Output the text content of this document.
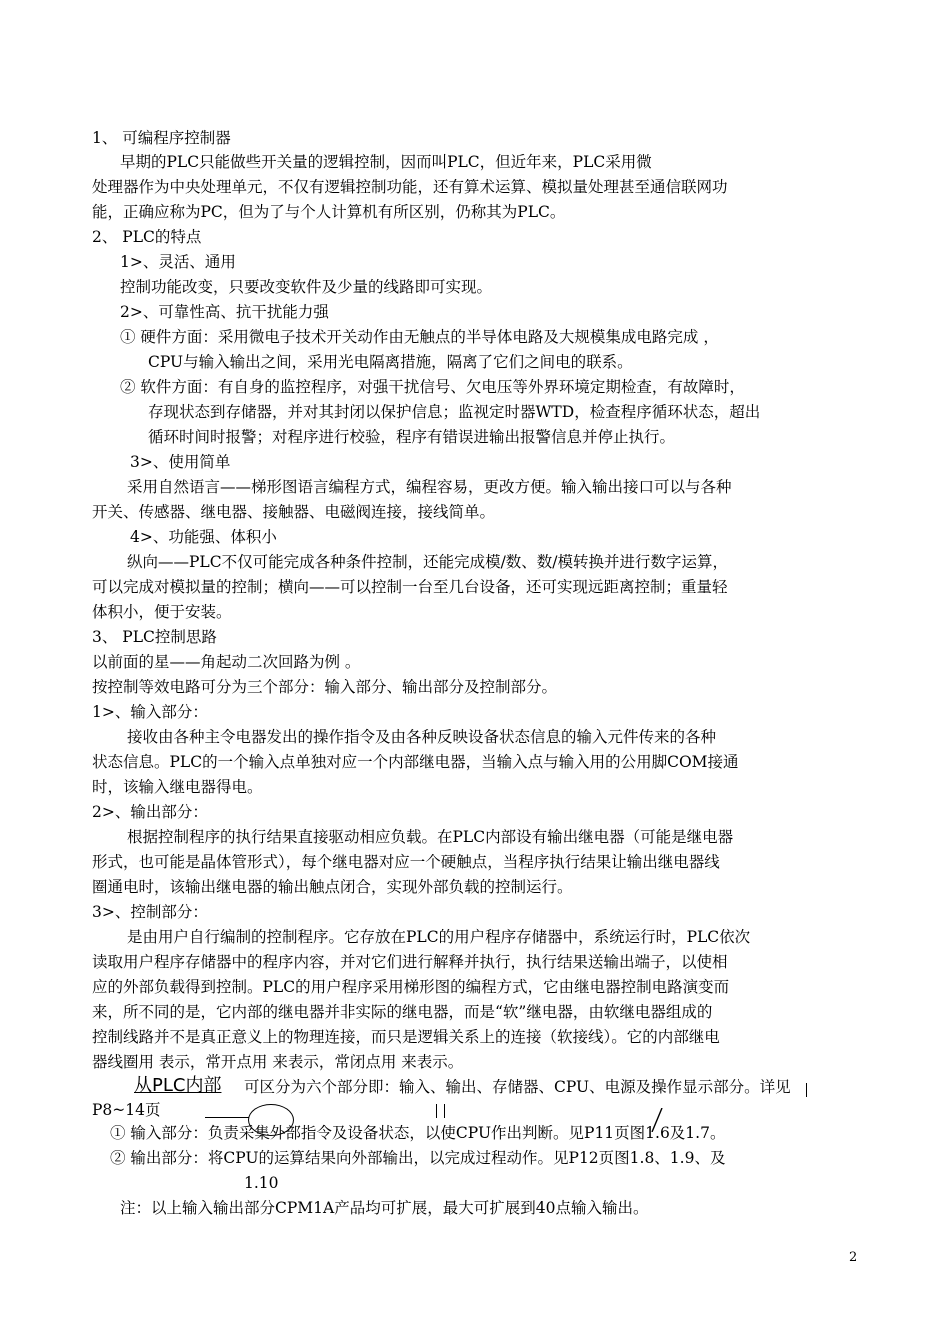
1、 可编程序控制器
早期的PLC只能做些开关量的逻辑控制，因而叫PLC，但近年来，PLC采用微
处理器作为中央处理单元，不仅有逻辑控制功能，还有算术运算、模拟量处理甚至通信联网功
能，正确应称为PC，但为了与个人计算机有所区别，仍称其为PLC。
2、 PLC的特点
1>、灵活、通用
控制功能改变，只要改变软件及少量的线路即可实现。
2>、可靠性高、抗干扰能力强
① 硬件方面：采用微电子技术开关动作由无触点的半导体电路及大规模集成电路完成 ，
CPU与输入输出之间，采用光电隔离措施，隔离了它们之间电的联系。
② 软件方面：有自身的监控程序，对强干扰信号、欠电压等外界环境定期检查，有故障时，
存现状态到存储器，并对其封闭以保护信息；监视定时器WTD，检查程序循环状态，超出
循环时间时报警；对程序进行校验，程序有错误进输出报警信息并停止执行。
3>、使用简单
采用自然语言——梯形图语言编程方式，编程容易，更改方便。输入输出接口可以与各种
开关、传感器、继电器、接触器、电磁阀连接，接线简单。
4>、功能强、体积小
纵向——PLC不仅可能完成各种条件控制，还能完成模/数、数/模转换并进行数字运算，
可以完成对模拟量的控制；横向——可以控制一台至几台设备，还可实现远距离控制；重量轻
体积小，便于安装。
3、 PLC控制思路
以前面的星——角起动二次回路为例 。
按控制等效电路可分为三个部分：输入部分、输出部分及控制部分。
1>、输入部分：
接收由各种主令电器发出的操作指令及由各种反映设备状态信息的输入元件传来的各种
状态信息。PLC的一个输入点单独对应一个内部继电器，当输入点与输入用的公用脚COM接通
时，该输入继电器得电。
2>、输出部分：
根据控制程序的执行结果直接驱动相应负载。在PLC内部设有输出继电器（可能是继电器
形式，也可能是晶体管形式），每个继电器对应一个硬触点，当程序执行结果让输出继电器线
圈通电时，该输出继电器的输出触点闭合，实现外部负载的控制运行。
3>、控制部分：
是由用户自行编制的控制程序。它存放在PLC的用户程序存储器中，系统运行时，PLC依次
读取用户程序存储器中的程序内容，并对它们进行解释并执行，执行结果送输出端子，以使相
应的外部负载得到控制。PLC的用户程序采用梯形图的编程方式，它由继电器控制电路演变而
来，所不同的是，它内部的继电器并非实际的继电器，而是“软”继电器，由软继电器组成的
控制线路并不是真正意义上的物理连接，而只是逻辑关系上的连接（软接线）。它的内部继电
器线圈用 表示，常开点用 来表示，常闭点用 来表示。
从PLC内部 可区分为六个部分即：输入、输出、存储器、CPU、电源及操作显示部分。详见
P8~14页
① 输入部分：负责采集外部指令及设备状态，以使CPU作出判断。见P11页图1.6及1.7。
② 输出部分：将CPU的运算结果向外部输出，以完成过程动作。见P12页图1.8、1.9、及
1.10
注：以上输入输出部分CPM1A产品均可扩展，最大可扩展到40点输入输出。
2
